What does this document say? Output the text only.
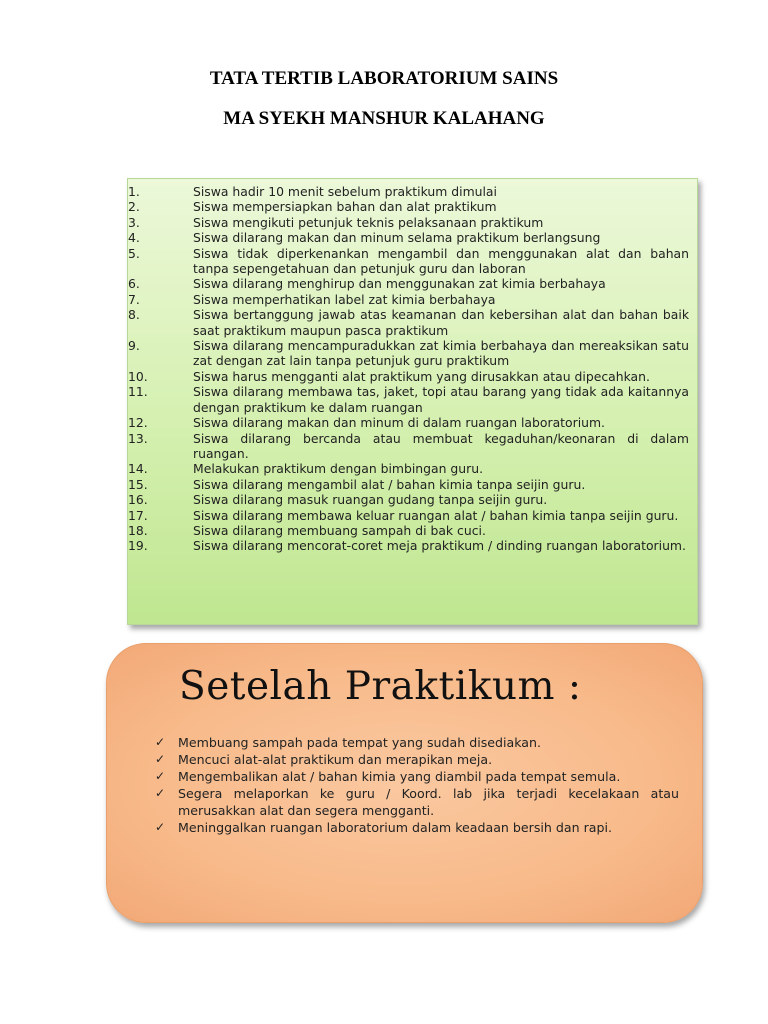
TATA TERTIB LABORATORIUM SAINS
MA SYEKH MANSHUR KALAHANG
1 .	Siswa hadir 10 menit sebelum praktikum dimulai
2 .	Siswa mempersiapkan bahan dan alat praktikum
3 .	Siswa mengikuti petunjuk teknis pelaksanaan praktikum
4 .	Siswa dilarang makan dan minum selama praktikum berlangsung
5 .	Siswa tidak diperkenankan mengambil dan menggunakan alat dan bahan tanpa sepengetahuan dan petunjuk guru dan laboran
6 .	Siswa dilarang menghirup dan menggunakan zat kimia berbahaya
7 .	Siswa memperhatikan label zat kimia berbahaya
8 .	Siswa bertanggung jawab atas keamanan dan kebersihan alat dan bahan baik saat praktikum maupun pasca praktikum
9 .	Siswa dilarang mencampuradukkan zat kimia berbahaya dan mereaksikan satu zat dengan zat lain tanpa petunjuk guru praktikum
10 .	Siswa harus mengganti alat praktikum yang dirusakkan atau dipecahkan.
11 .	Siswa dilarang membawa tas, jaket, topi atau barang yang tidak ada kaitannya dengan praktikum ke dalam ruangan
12 .	Siswa dilarang makan dan minum di dalam ruangan laboratorium.
13 .	Siswa dilarang bercanda atau membuat kegaduhan/keonaran di dalam ruangan.
14 .	Melakukan praktikum dengan bimbingan guru.
15 .	Siswa dilarang mengambil alat / bahan kimia tanpa seijin guru.
16 .	Siswa dilarang masuk ruangan gudang tanpa seijin guru.
17 .	Siswa dilarang membawa keluar ruangan alat / bahan kimia tanpa seijin guru.
18 .	Siswa dilarang membuang sampah di bak cuci.
19 .	Siswa dilarang mencorat-coret meja praktikum / dinding ruangan laboratorium.
Setelah Praktikum :
✓ Membuang sampah pada tempat yang sudah disediakan.
✓ Mencuci alat-alat praktikum dan merapikan meja.
✓ Mengembalikan alat / bahan kimia yang diambil pada tempat semula.
✓ Segera melaporkan ke guru / Koord. lab jika terjadi kecelakaan atau merusakkan alat dan segera mengganti.
✓ Meninggalkan ruangan laboratorium dalam keadaan bersih dan rapi.
